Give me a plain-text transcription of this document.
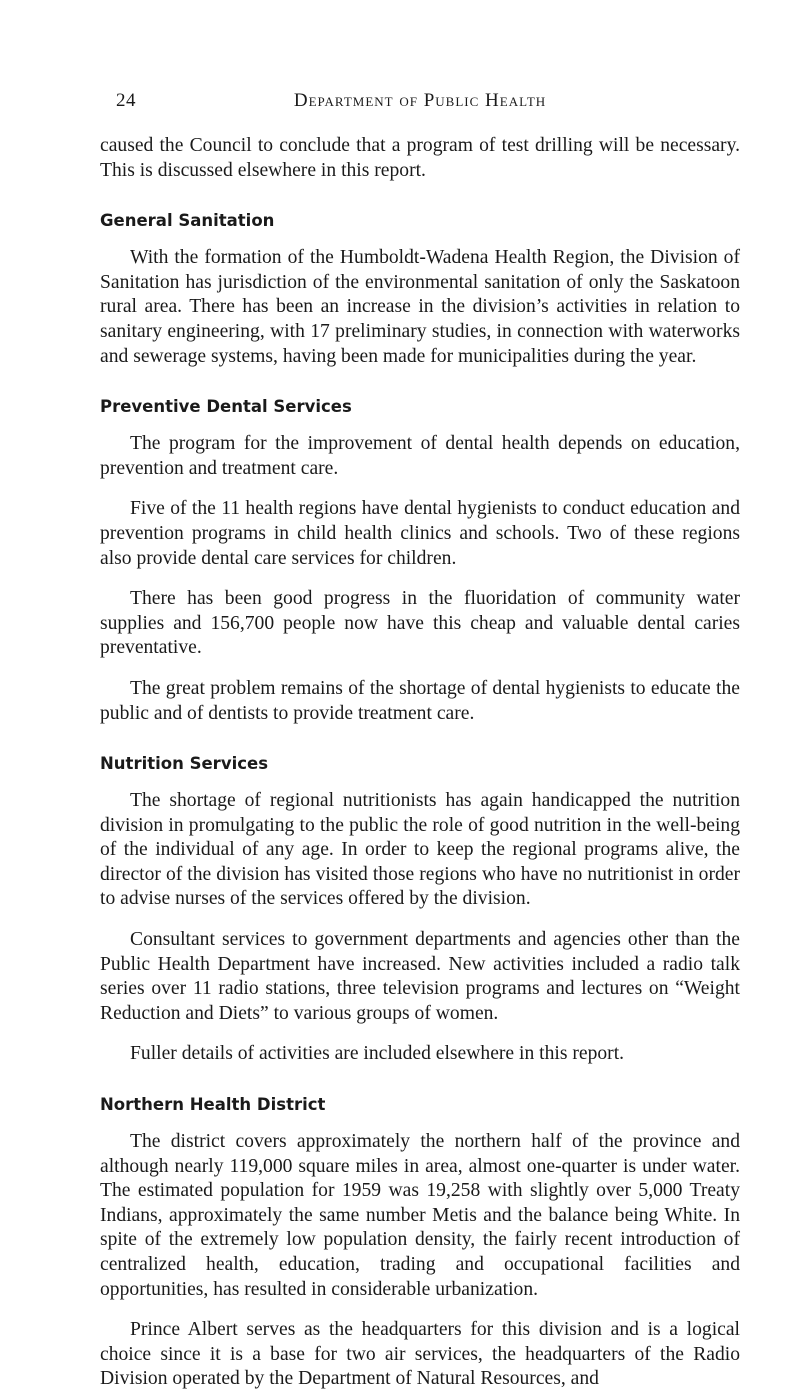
24	Department of Public Health

caused the Council to conclude that a program of test drilling will be necessary. This is discussed elsewhere in this report.

General Sanitation

With the formation of the Humboldt-Wadena Health Region, the Division of Sanitation has jurisdiction of the environmental sanitation of only the Saskatoon rural area. There has been an increase in the division’s activities in relation to sanitary engineering, with 17 preliminary studies, in connection with waterworks and sewerage systems, having been made for municipalities during the year.

Preventive Dental Services

The program for the improvement of dental health depends on education, prevention and treatment care.

Five of the 11 health regions have dental hygienists to conduct education and prevention programs in child health clinics and schools. Two of these regions also provide dental care services for children.

There has been good progress in the fluoridation of community water supplies and 156,700 people now have this cheap and valuable dental caries preventative.

The great problem remains of the shortage of dental hygienists to educate the public and of dentists to provide treatment care.

Nutrition Services

The shortage of regional nutritionists has again handicapped the nutrition division in promulgating to the public the role of good nutrition in the well-being of the individual of any age. In order to keep the regional programs alive, the director of the division has visited those regions who have no nutritionist in order to advise nurses of the services offered by the division.

Consultant services to government departments and agencies other than the Public Health Department have increased. New activities included a radio talk series over 11 radio stations, three television programs and lectures on “Weight Reduction and Diets” to various groups of women.

Fuller details of activities are included elsewhere in this report.

Northern Health District

The district covers approximately the northern half of the province and although nearly 119,000 square miles in area, almost one-quarter is under water. The estimated population for 1959 was 19,258 with slightly over 5,000 Treaty Indians, approximately the same number Metis and the balance being White. In spite of the extremely low population density, the fairly recent introduction of centralized health, education, trading and occupational facilities and opportunities, has resulted in considerable urbanization.

Prince Albert serves as the headquarters for this division and is a logical choice since it is a base for two air services, the headquarters of the Radio Division operated by the Department of Natural Resources, and
